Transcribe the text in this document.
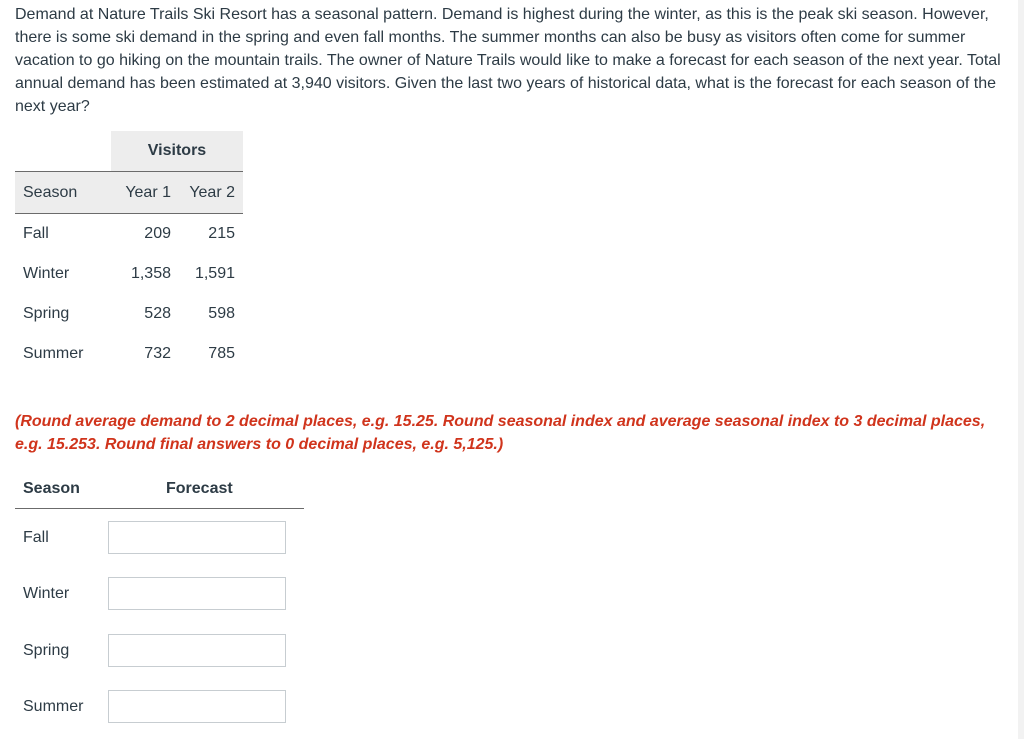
Demand at Nature Trails Ski Resort has a seasonal pattern. Demand is highest during the winter, as this is the peak ski season. However, there is some ski demand in the spring and even fall months. The summer months can also be busy as visitors often come for summer vacation to go hiking on the mountain trails. The owner of Nature Trails would like to make a forecast for each season of the next year. Total annual demand has been estimated at 3,940 visitors. Given the last two years of historical data, what is the forecast for each season of the next year?

	Visitors	
Season	Year 1	Year 2
Fall	209	215
Winter	1,358	1,591
Spring	528	598
Summer	732	785

(Round average demand to 2 decimal places, e.g. 15.25. Round seasonal index and average seasonal index to 3 decimal places, e.g. 15.253. Round final answers to 0 decimal places, e.g. 5,125.)

Season	Forecast
Fall
Winter
Spring
Summer
